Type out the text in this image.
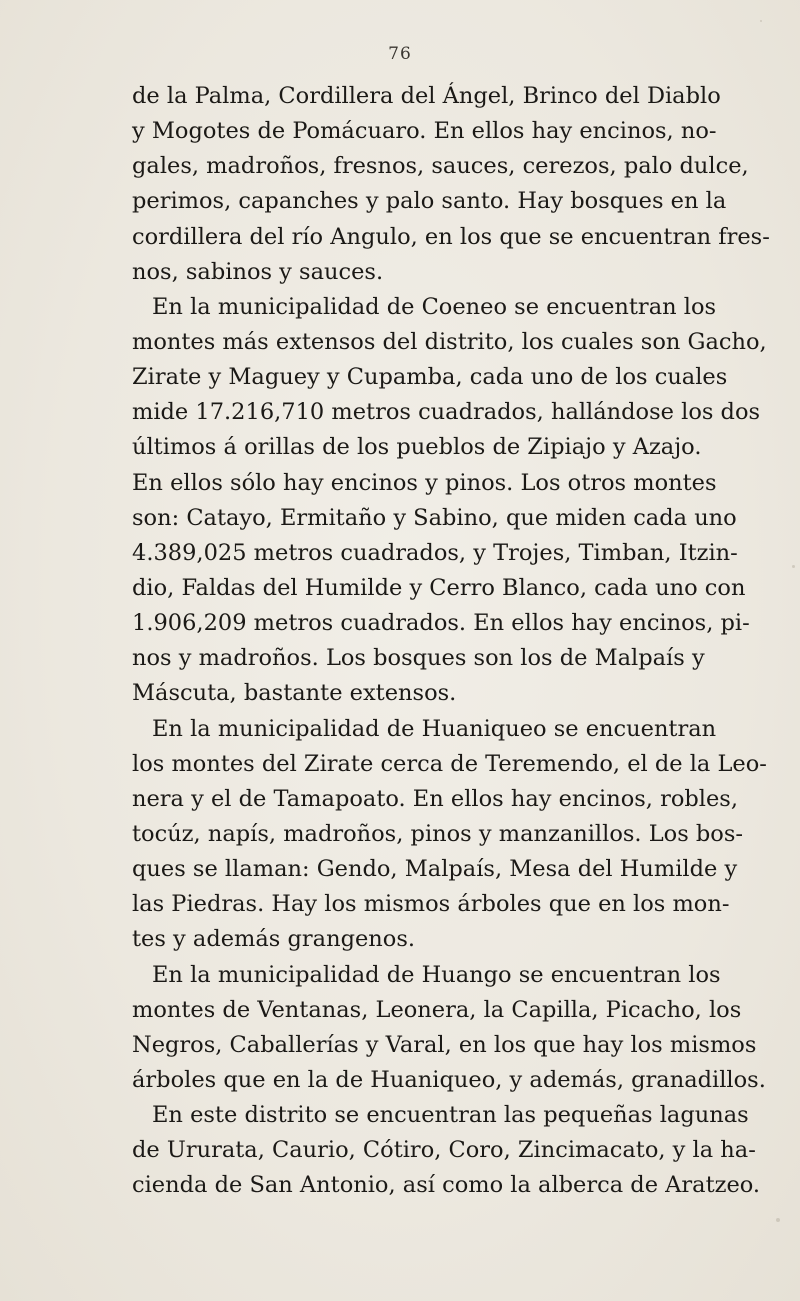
76
de la Palma, Cordillera del Ángel, Brinco del Diablo
y Mogotes de Pomácuaro. En ellos hay encinos, no-
gales, madroños, fresnos, sauces, cerezos, palo dulce,
perimos, capanches y palo santo. Hay bosques en la
cordillera del río Angulo, en los que se encuentran fres-
nos, sabinos y sauces.
En la municipalidad de Coeneo se encuentran los
montes más extensos del distrito, los cuales son Gacho,
Zirate y Maguey y Cupamba, cada uno de los cuales
mide 17.216,710 metros cuadrados, hallándose los dos
últimos á orillas de los pueblos de Zipiajo y Azajo.
En ellos sólo hay encinos y pinos. Los otros montes
son: Catayo, Ermitaño y Sabino, que miden cada uno
4.389,025 metros cuadrados, y Trojes, Timban, Itzin-
dio, Faldas del Humilde y Cerro Blanco, cada uno con
1.906,209 metros cuadrados. En ellos hay encinos, pi-
nos y madroños. Los bosques son los de Malpaís y
Máscuta, bastante extensos.
En la municipalidad de Huaniqueo se encuentran
los montes del Zirate cerca de Teremendo, el de la Leo-
nera y el de Tamapoato. En ellos hay encinos, robles,
tocúz, napís, madroños, pinos y manzanillos. Los bos-
ques se llaman: Gendo, Malpaís, Mesa del Humilde y
las Piedras. Hay los mismos árboles que en los mon-
tes y además grangenos.
En la municipalidad de Huango se encuentran los
montes de Ventanas, Leonera, la Capilla, Picacho, los
Negros, Caballerías y Varal, en los que hay los mismos
árboles que en la de Huaniqueo, y además, granadillos.
En este distrito se encuentran las pequeñas lagunas
de Ururata, Caurio, Cótiro, Coro, Zincimacato, y la ha-
cienda de San Antonio, así como la alberca de Aratzeo.
